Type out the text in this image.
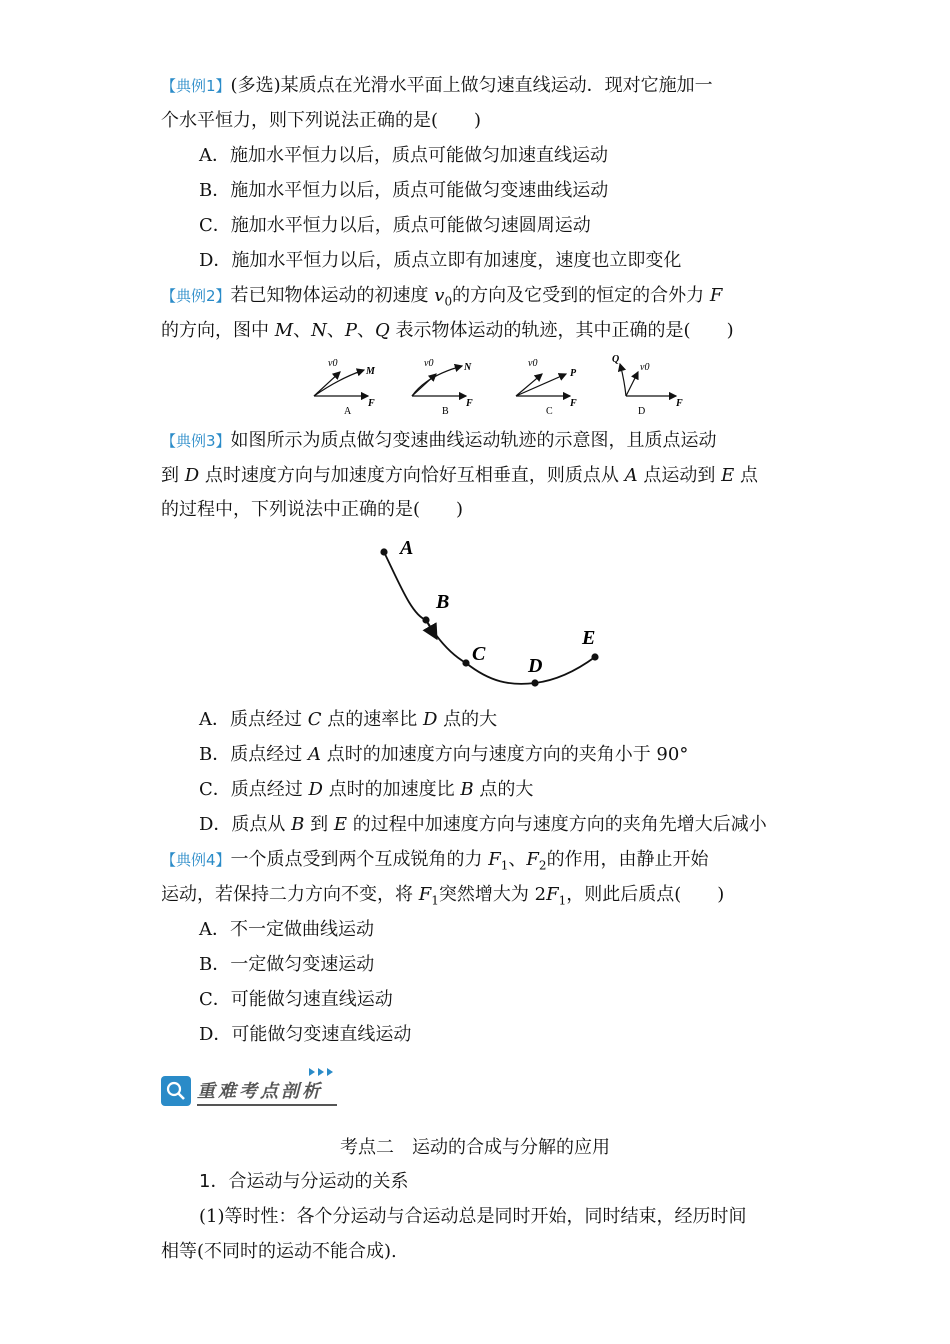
【典例1】(多选)某质点在光滑水平面上做匀速直线运动．现对它施加一
个水平恒力，则下列说法正确的是(　　)
A．施加水平恒力以后，质点可能做匀加速直线运动
B．施加水平恒力以后，质点可能做匀变速曲线运动
C．施加水平恒力以后，质点可能做匀速圆周运动
D．施加水平恒力以后，质点立即有加速度，速度也立即变化
【典例2】若已知物体运动的初速度 $v_0$的方向及它受到的恒定的合外力 F
的方向，图中 M、N、P、Q 表示物体运动的轨迹，其中正确的是(　　)
v0
M
F
A
v0	N
F
B
v0
P
F
C
v0
Q
F
D
【典例3】如图所示为质点做匀变速曲线运动轨迹的示意图，且质点运动
到 D 点时速度方向与加速度方向恰好互相垂直，则质点从 A 点运动到 E 点
的过程中，下列说法中正确的是(　　)
A
B
C
D
E
A．质点经过 C 点的速率比 D 点的大
B．质点经过 A 点时的加速度方向与速度方向的夹角小于 90°
C．质点经过 D 点时的加速度比 B 点的大
D．质点从 B 到 E 的过程中加速度方向与速度方向的夹角先增大后减小
【典例4】一个质点受到两个互成锐角的力 $F_1$、$F_2$的作用，由静止开始
运动，若保持二力方向不变，将 $F_1$突然增大为 $2F_1$，则此后质点(　　)
A．不一定做曲线运动
B．一定做匀变速运动
C．可能做匀速直线运动
D．可能做匀变速直线运动
重难考点剖析
考点二　运动的合成与分解的应用
1．合运动与分运动的关系
(1)等时性：各个分运动与合运动总是同时开始，同时结束，经历时间
相等(不同时的运动不能合成).
